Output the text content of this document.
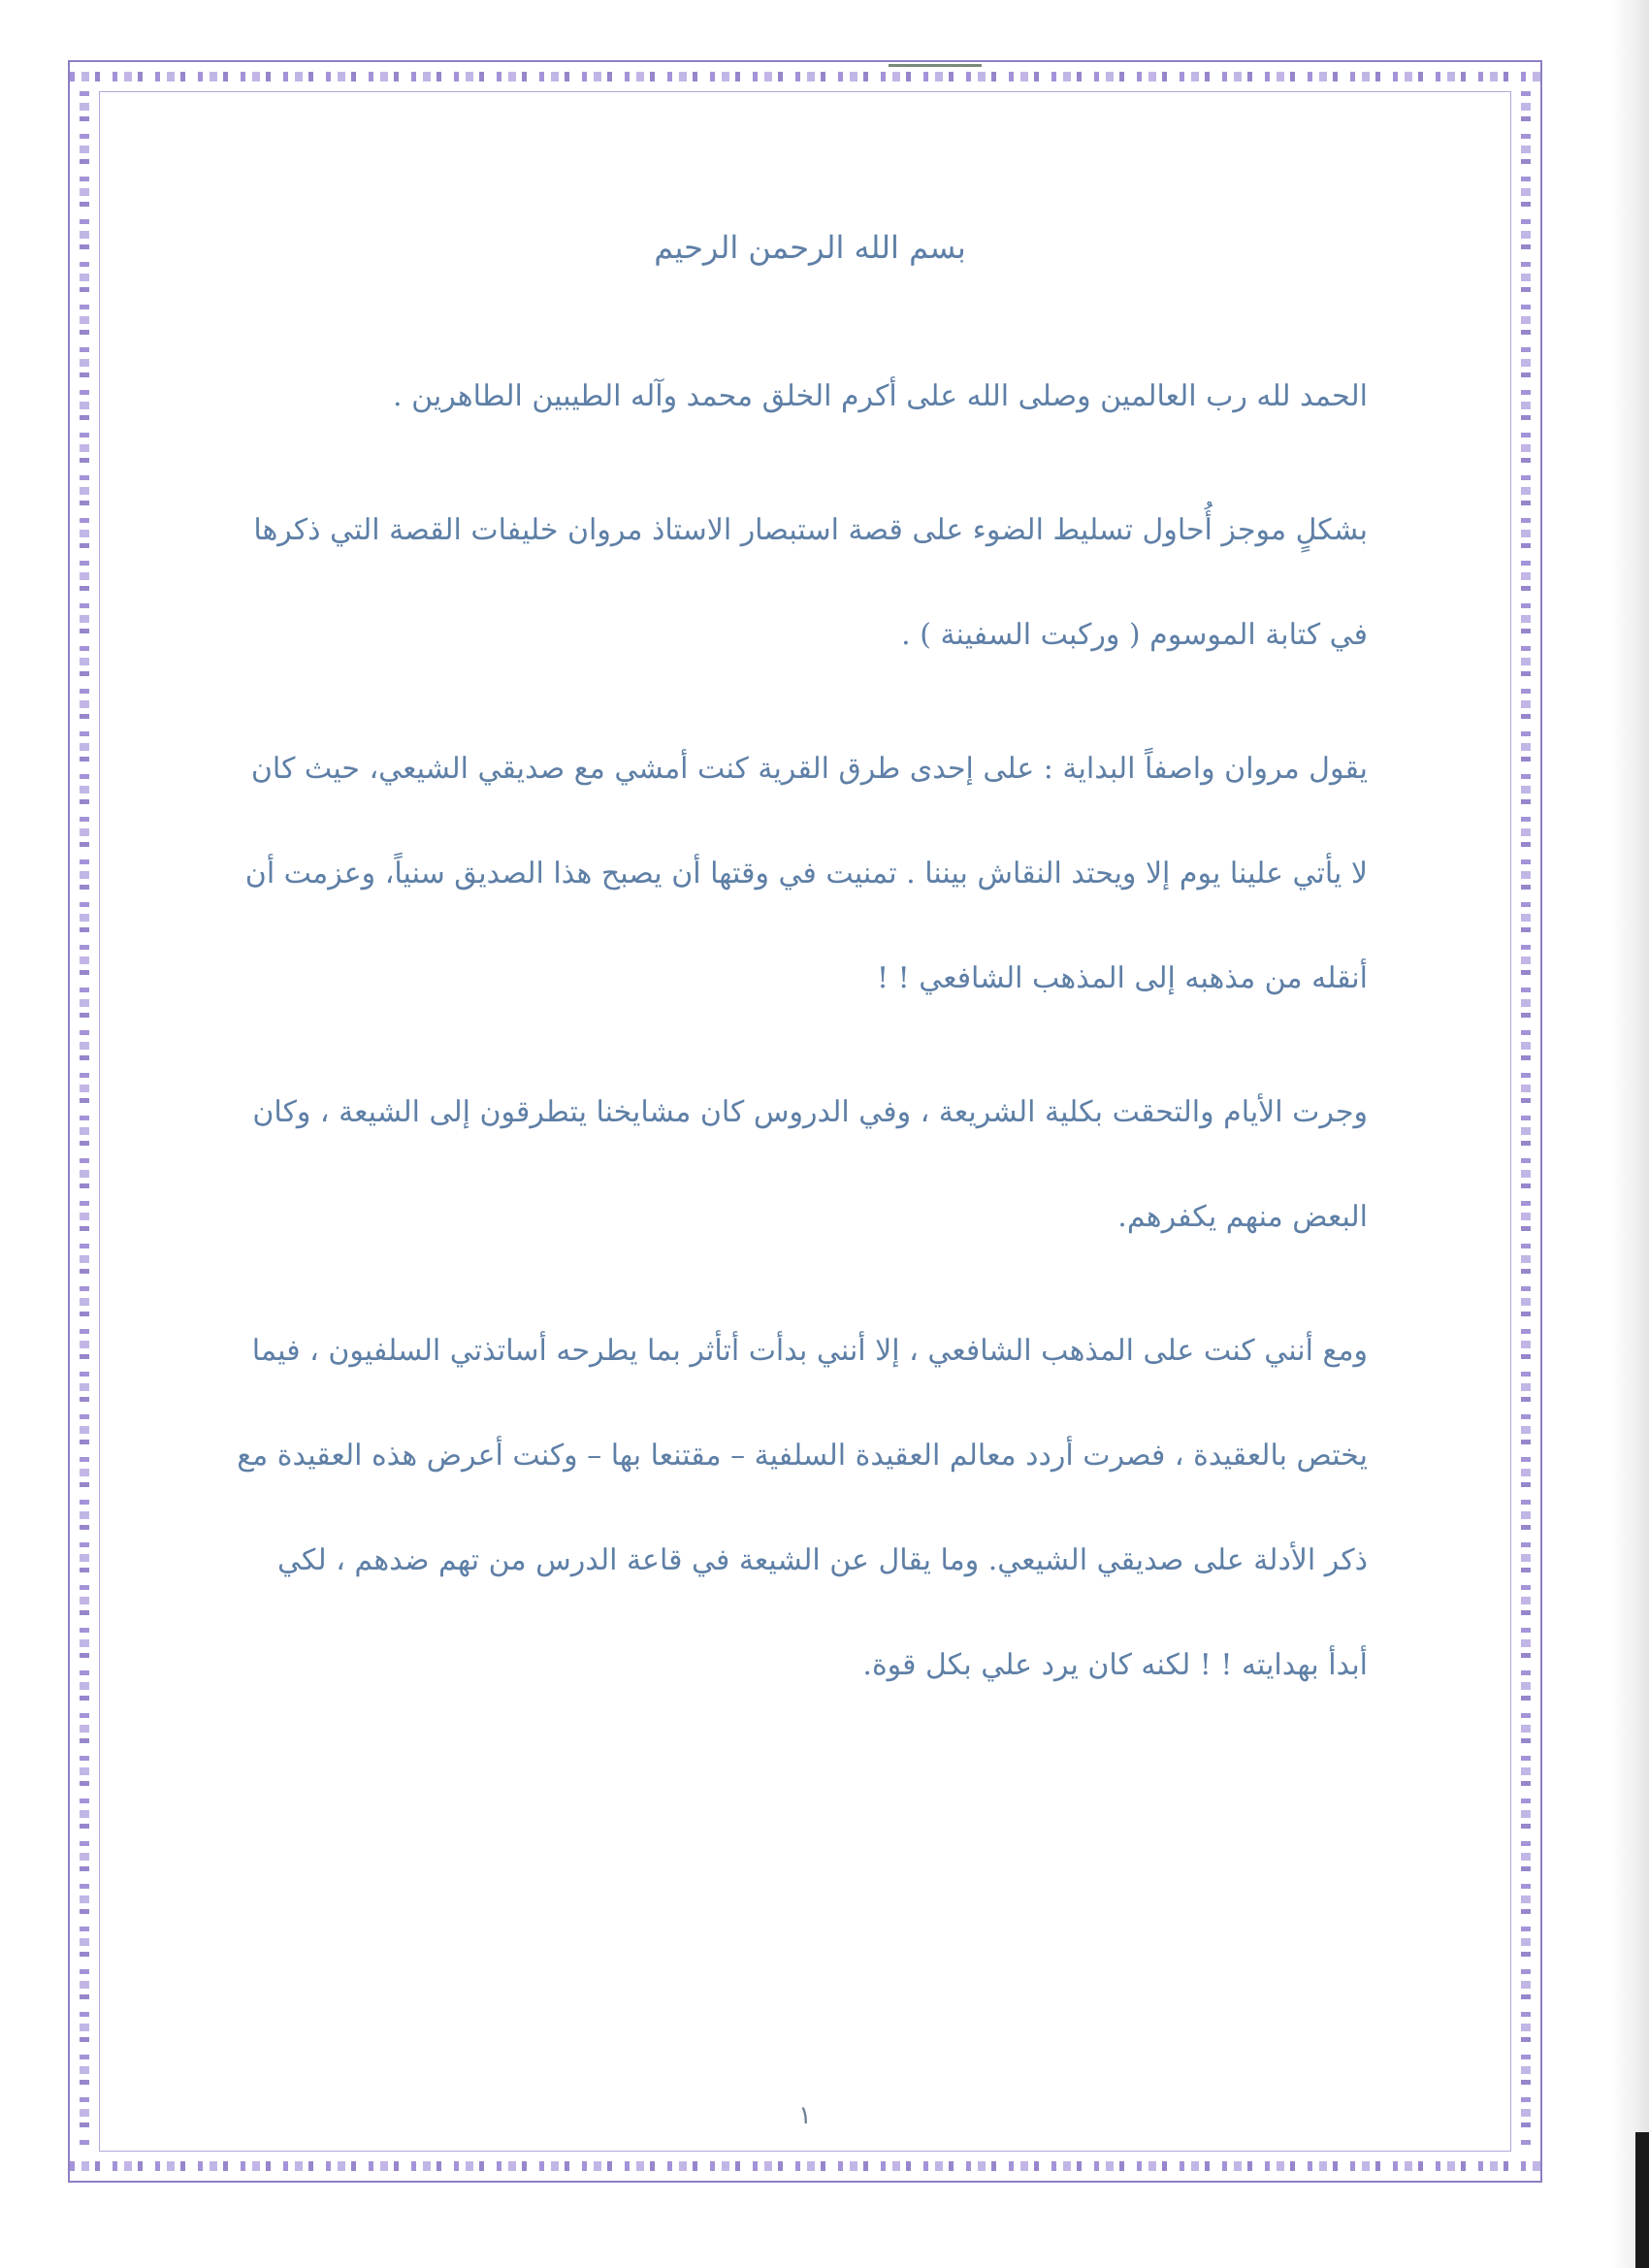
بسم الله الرحمن الرحيم

الحمد لله رب العالمين وصلى الله على أكرم الخلق محمد وآله الطيبين الطاهرين .

بشكلٍ موجز أُحاول تسليط الضوء على قصة استبصار الاستاذ مروان خليفات القصة التي ذكرها في كتابة الموسوم ( وركبت السفينة ) .

يقول مروان واصفاً البداية : على إحدى طرق القرية كنت أمشي مع صديقي الشيعي، حيث كان لا يأتي علينا يوم إلا ويحتد النقاش بيننا . تمنيت في وقتها أن يصبح هذا الصديق سنياً، وعزمت أن أنقله من مذهبه إلى المذهب الشافعي ! !

وجرت الأيام والتحقت بكلية الشريعة ، وفي الدروس كان مشايخنا يتطرقون إلى الشيعة ، وكان البعض منهم يكفرهم.

ومع أنني كنت على المذهب الشافعي ، إلا أنني بدأت أتأثر بما يطرحه أساتذتي السلفيون ، فيما يختص بالعقيدة ، فصرت أردد معالم العقيدة السلفية – مقتنعا بها – وكنت أعرض هذه العقيدة مع ذكر الأدلة على صديقي الشيعي. وما يقال عن الشيعة في قاعة الدرس من تهم ضدهم ، لكي أبدأ بهدايته ! ! لكنه كان يرد علي بكل قوة.

١
